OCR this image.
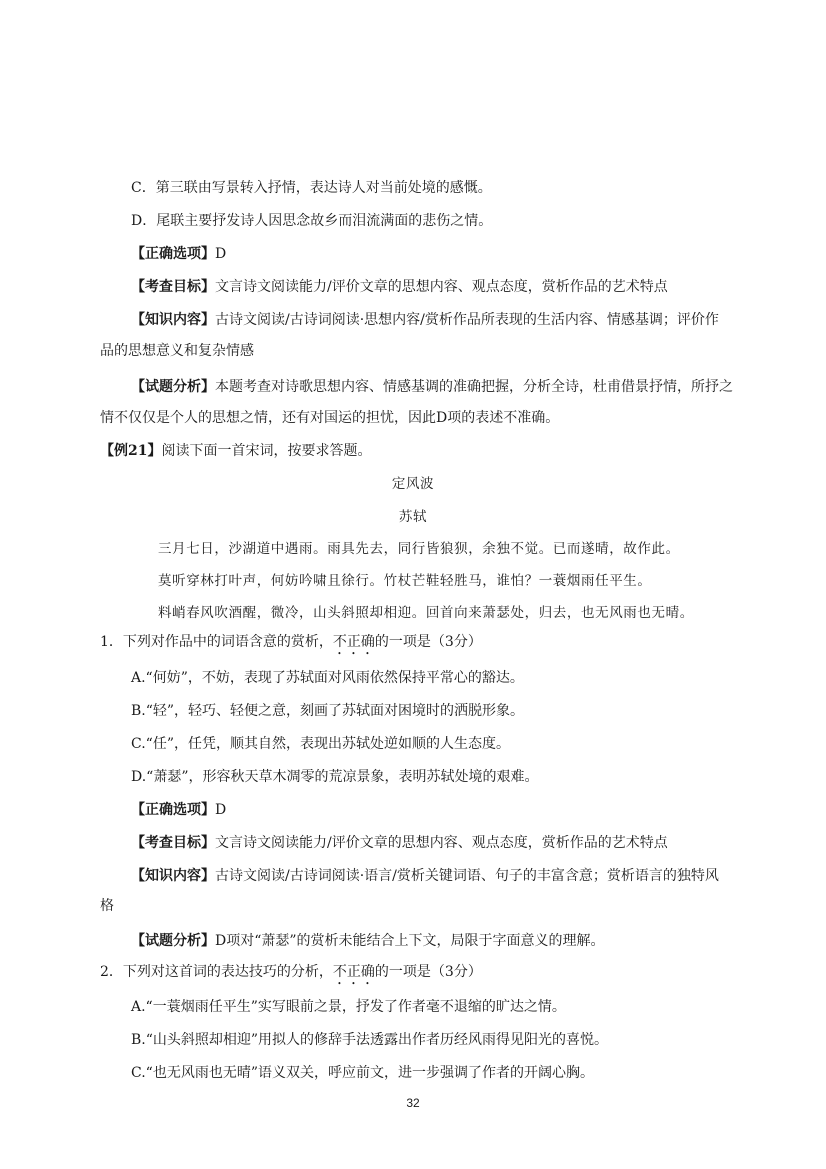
C．第三联由写景转入抒情，表达诗人对当前处境的感慨。
D．尾联主要抒发诗人因思念故乡而泪流满面的悲伤之情。
【正确选项】D
【考查目标】文言诗文阅读能力/评价文章的思想内容、观点态度，赏析作品的艺术特点
【知识内容】古诗文阅读/古诗词阅读·思想内容/赏析作品所表现的生活内容、情感基调；评价作
品的思想意义和复杂情感
【试题分析】本题考查对诗歌思想内容、情感基调的准确把握，分析全诗，杜甫借景抒情，所抒之
情不仅仅是个人的思想之情，还有对国运的担忧，因此D项的表述不准确。
【例21】阅读下面一首宋词，按要求答题。
定风波
苏轼
三月七日，沙湖道中遇雨。雨具先去，同行皆狼狈，余独不觉。已而遂晴，故作此。
莫听穿林打叶声，何妨吟啸且徐行。竹杖芒鞋轻胜马，谁怕？一蓑烟雨任平生。
料峭春风吹酒醒，微冷，山头斜照却相迎。回首向来萧瑟处，归去，也无风雨也无晴。
1．下列对作品中的词语含意的赏析，不正确的一项是（3分）
A.“何妨”，不妨，表现了苏轼面对风雨依然保持平常心的豁达。
B.“轻”，轻巧、轻便之意，刻画了苏轼面对困境时的洒脱形象。
C.“任”，任凭，顺其自然，表现出苏轼处逆如顺的人生态度。
D.“萧瑟”，形容秋天草木凋零的荒凉景象，表明苏轼处境的艰难。
【正确选项】D
【考查目标】文言诗文阅读能力/评价文章的思想内容、观点态度，赏析作品的艺术特点
【知识内容】古诗文阅读/古诗词阅读·语言/赏析关键词语、句子的丰富含意；赏析语言的独特风
格
【试题分析】D项对“萧瑟”的赏析未能结合上下文，局限于字面意义的理解。
2．下列对这首词的表达技巧的分析，不正确的一项是（3分）
A.“一蓑烟雨任平生”实写眼前之景，抒发了作者毫不退缩的旷达之情。
B.“山头斜照却相迎”用拟人的修辞手法透露出作者历经风雨得见阳光的喜悦。
C.“也无风雨也无晴”语义双关，呼应前文，进一步强调了作者的开阔心胸。
32
